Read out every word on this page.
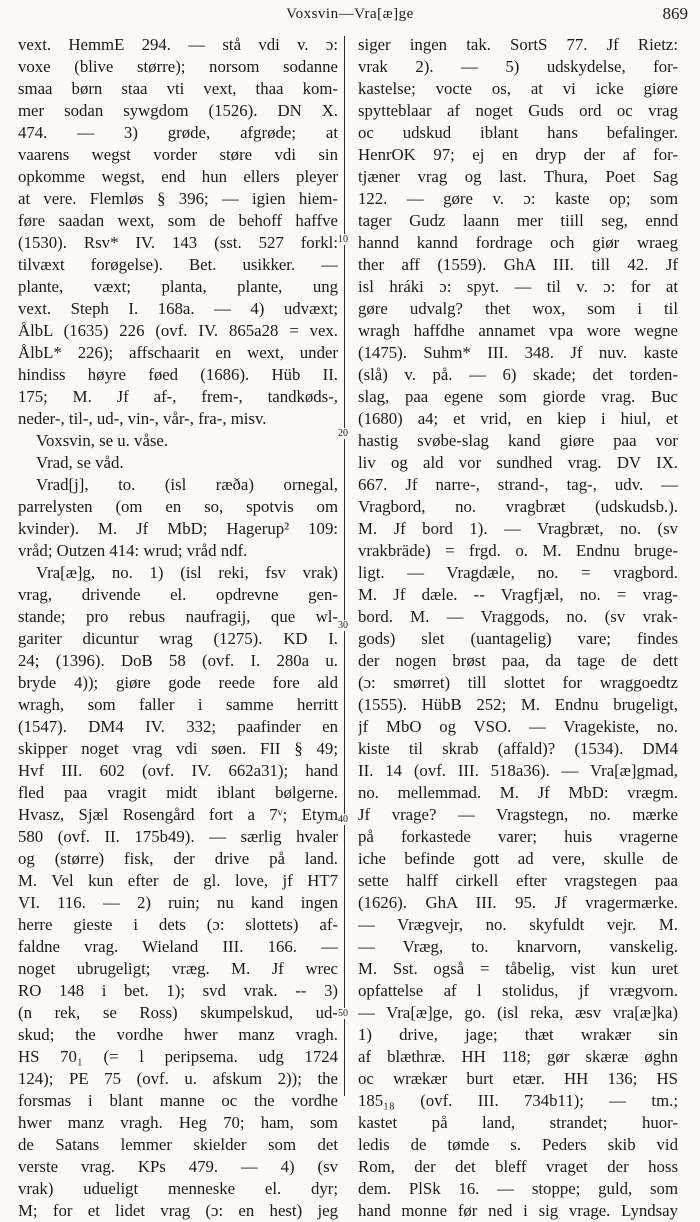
Voxsvin—Vra[æ]ge	869
10
20
30
40
50
vext. HemmE 294. — stå vdi v. ɔ:
voxe (blive større); norsom sodanne
smaa børn staa vti vext, thaa kom-
mer sodan sywgdom (1526). DN X.
474. — 3) grøde, afgrøde; at
vaarens wegst vorder støre vdi sin
opkomme wegst, end hun ellers pleyer
at vere. Flemløs § 396; — igien hiem-
føre saadan wext, som de behoff haffve
(1530). Rsv* IV. 143 (sst. 527 forkl:
tilvæxt forøgelse). Bet. usikker. —
plante, væxt; planta, plante, ung
vext. Steph I. 168a. — 4) udvæxt;
ÅlbL (1635) 226 (ovf. IV. 865a28 = vex.
ÅlbL* 226); affschaarit en wext, under
hindiss høyre føed (1686). Hüb II.
175; M. Jf af-, frem-, tandkøds-,
neder-, til-, ud-, vin-, vår-, fra-, misv.
Voxsvin, se u. våse.
Vrad, se våd.
Vrad[j], to. (isl ræða) ornegal,
parrelysten (om en so, spotvis om
kvinder). M. Jf MbD; Hagerup² 109:
vråd; Outzen 414: wrud; vråd ndf.
Vra[æ]g, no. 1) (isl reki, fsv vrak)
vrag, drivende el. opdrevne gen-
stande; pro rebus naufragij, que wl-
gariter dicuntur wrag (1275). KD I.
24; (1396). DoB 58 (ovf. I. 280a u.
bryde 4)); giøre gode reede fore ald
wragh, som faller i samme herritt
(1547). DM4 IV. 332; paafinder en
skipper noget vrag vdi søen. FII § 49;
Hvf III. 602 (ovf. IV. 662a31); hand
fled paa vragit midt iblant bølgerne.
Hvasz, Sjæl Rosengård fort a 7ᵛ; Etym
580 (ovf. II. 175b49). — særlig hvaler
og (større) fisk, der drive på land.
M. Vel kun efter de gl. love, jf HT7
VI. 116. — 2) ruin; nu kand ingen
herre gieste i dets (ɔ: slottets) af-
faldne vrag. Wieland III. 166. —
noget ubrugeligt; vræg. M. Jf wrec
RO 148 i bet. 1); svd vrak. -- 3)
(n rek, se Ross) skumpelskud, ud-
skud; the vordhe hwer manz vragh.
HS 70₁ (= l peripsema. udg 1724
124); PE 75 (ovf. u. afskum 2)); the
forsmas i blant manne oc the vordhe
hwer manz vragh. Heg 70; ham, som
de Satans lemmer skielder som det
verste vrag. KPs 479. — 4) (sv
vrak) udueligt menneske el. dyr;
M; for et lidet vrag (ɔ: en hest) jeg
siger ingen tak. SortS 77. Jf Rietz:
vrak 2). — 5) udskydelse, for-
kastelse; vocte os, at vi icke giøre
spytteblaar af noget Guds ord oc vrag
oc udskud iblant hans befalinger.
HenrOK 97; ej en dryp der af for-
tjæner vrag og last. Thura, Poet Sag
122. — gøre v. ɔ: kaste op; som
tager Gudz laann mer tiill seg, ennd
hannd kannd fordrage och giør wraeg
ther aff (1559). GhA III. till 42. Jf
isl hráki ɔ: spyt. — til v. ɔ: for at
gøre udvalg? thet wox, som i til
wragh haffdhe annamet vpa wore wegne
(1475). Suhm* III. 348. Jf nuv. kaste
(slå) v. på. — 6) skade; det torden-
slag, paa egene som giorde vrag. Buc
(1680) a4; et vrid, en kiep i hiul, et
hastig svøbe-slag kand giøre paa vor
liv og ald vor sundhed vrag. DV IX.
667. Jf narre-, strand-, tag-, udv. —
Vragbord, no. vragbræt (udskudsb.).
M. Jf bord 1). — Vragbræt, no. (sv
vrakbräde) = frgd. o. M. Endnu bruge-
ligt. — Vragdæle, no. = vragbord.
M. Jf dæle. -- Vragfjæl, no. = vrag-
bord. M. — Vraggods, no. (sv vrak-
gods) slet (uantagelig) vare; findes
der nogen brøst paa, da tage de dett
(ɔ: smørret) till slottet for wraggoedtz
(1555). HübB 252; M. Endnu brugeligt,
jf MbO og VSO. — Vragekiste, no.
kiste til skrab (affald)? (1534). DM4
II. 14 (ovf. III. 518a36). — Vra[æ]gmad,
no. mellemmad. M. Jf MbD: vrægm.
Jf vrage? — Vragstegn, no. mærke
på forkastede varer; huis vragerne
iche befinde gott ad vere, skulle de
sette halff cirkell efter vragstegen paa
(1626). GhA III. 95. Jf vragermærke.
— Vrægvejr, no. skyfuldt vejr. M.
— Vræg, to. knarvorn, vanskelig.
M. Sst. også = tåbelig, vist kun uret
opfattelse af l stolidus, jf vrægvorn.
— Vra[æ]ge, go. (isl reka, æsv vra[æ]ka)
1) drive, jage; thæt wrakær sin
af blæthræ. HH 118; gør skæræ øghn
oc wrækær burt etær. HH 136; HS
185₁₈ (ovf. III. 734b11); — tm.;
kastet på land, strandet; huor-
ledis de tømde s. Peders skib vid
Rom, der det bleff vraget der hoss
dem. PlSk 16. — stoppe; guld, som
hand monne før ned i sig vrage. Lyndsay
